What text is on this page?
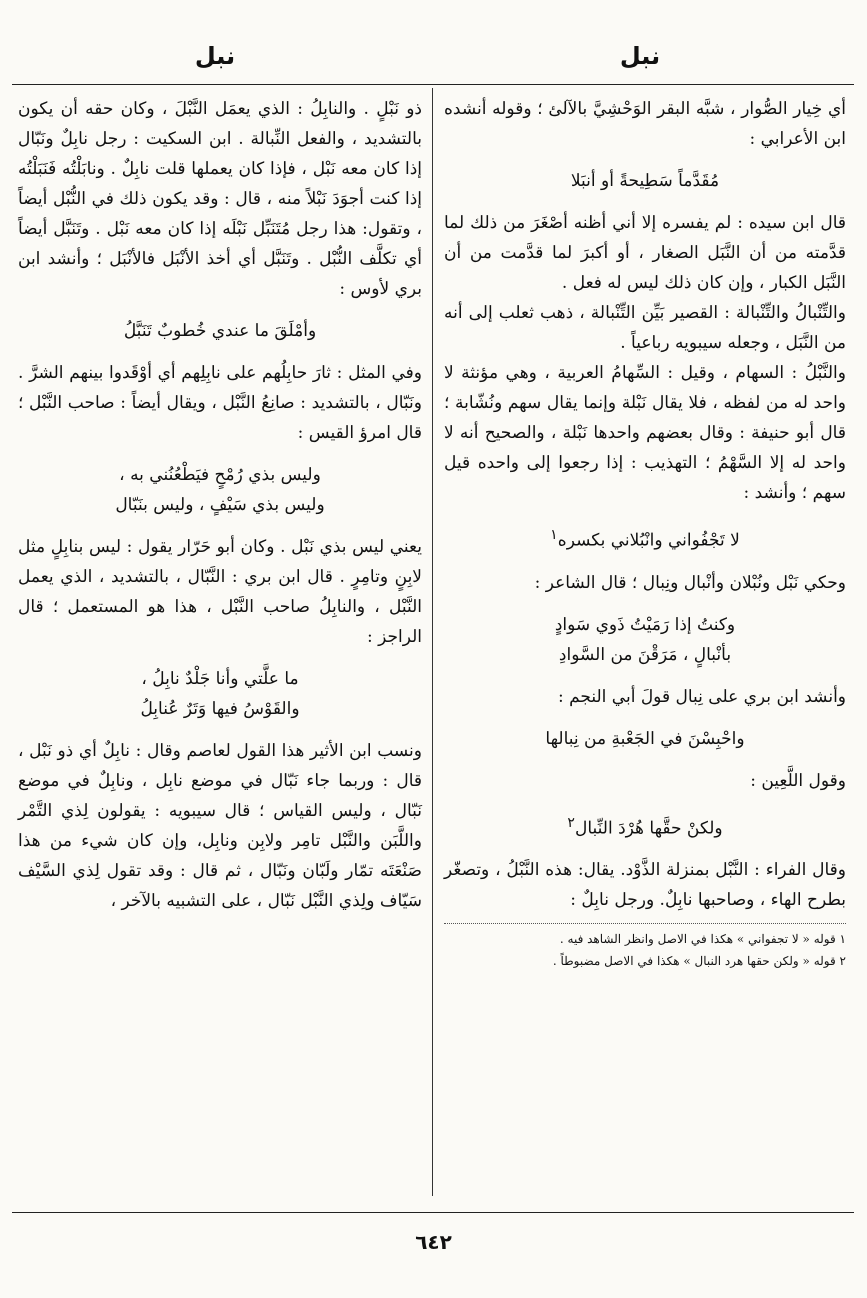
نبل
نبل

أي خِيار الصُّوار ، شبَّه البقر الوَحْشِيَّ بالآلئ ؛ وقوله أنشده ابن الأعرابي :

مُقَدَّماً سَطِيحةً أو أنبَلا

قال ابن سيده : لم يفسره إلا أني أظنه أصْغَرَ من ذلك لما قدَّمته من أن النَّبَل الصغار ، أو أكبرَ لما قدَّمت من أن النَّبَل الكبار ، وإن كان ذلك ليس له فعل .

والتِّنْبالُ والتِّنْبالة : القصير بَيِّن التِّنْبالة ، ذهب ثعلب إلى أنه من النَّبَل ، وجعله سيبويه رباعياً .

والنَّبْلُ : السهام ، وقيل : السِّهامُ العربية ، وهي مؤنثة لا واحد له من لفظه ، فلا يقال نَبْلة وإنما يقال سهم ونُشّابة ؛ قال أبو حنيفة : وقال بعضهم واحدها نَبْلة ، والصحيح أنه لا واحد له إلا السَّهْمُ ؛ التهذيب : إذا رجعوا إلى واحده قيل سهم ؛ وأنشد :

لا تَجْفُواني وانْبُلاني بكسره$^١$

وحكي نَبْل ونُبْلان وأنْبال ونِبال ؛ قال الشاعر :

وكنتُ إذا رَمَيْتُ ذَوي سَوادٍ
بأنْبالٍ ، مَرَقْنَ من السَّوادِ

وأنشد ابن بري على نِبال قولَ أبي النجم :

واحْبِسْنَ في الجَعْبةِ من نِبالها

وقول اللَّعِين :

ولكنْ حقَّها هُرْدَ النِّبال$^٢$

وقال الفراء : النَّبْل بمنزلة الذَّوْد. يقال: هذه النَّبْلُ ، وتصغّر بطرح الهاء ، وصاحبها نابِلٌ. ورجل نابِلٌ :

١ قوله « لا تجفواني » هكذا في الاصل وانظر الشاهد فيه .
٢ قوله « ولكن حقها هرد النبال » هكذا في الاصل مضبوطاً .

ذو نَبْلٍ . والنابِلُ : الذي يعمَل النَّبْلَ ، وكان حقه أن يكون بالتشديد ، والفعل النِّبالة . ابن السكيت : رجل نابِلٌ ونَبّال إذا كان معه نَبْل ، فإذا كان يعملها قلت نابِلٌ . ونابَلْتُه فَنَبَلْتُه إذا كنت أجوَدَ نَبْلاً منه ، قال : وقد يكون ذلك في النُّبْل أيضاً ، وتقول: هذا رجل مُتَنَبِّل نَبْلَه إذا كان معه نَبْل . وتَنَبَّل أيضاً أي تكلَّف النُّبْل . وتَنَبَّل أي أخذ الأنْبَل فالأنْبَل ؛ وأنشد ابن بري لأوس :

وأمْلَقَ ما عندي خُطوبٌ تَنَبَّلُ

وفي المثل : ثارَ حابِلُهم على نابِلِهم أي أوْقَدوا بينهم الشرَّ . ونَبّال ، بالتشديد : صانِعُ النَّبْل ، ويقال أيضاً : صاحب النَّبْل ؛ قال امرؤ القيس :

وليس بذي رُمْحٍ فيَطْعُنُني به ،
وليس بذي سَيْفٍ ، وليس بنَبّال

يعني ليس بذي نَبْل . وكان أبو حَرّار يقول : ليس بنابِلٍ مثل لابِنٍ وتامِرٍ . قال ابن بري : النَّبّال ، بالتشديد ، الذي يعمل النَّبْل ، والنابِلُ صاحب النَّبْل ، هذا هو المستعمل ؛ قال الراجز :

ما علَّتي وأنا جَلْدٌ نابِلُ ،
والقَوْسُ فيها وَتَرٌ عُنابِلُ

ونسب ابن الأثير هذا القول لعاصم وقال : نابِلٌ أي ذو نَبْل ، قال : وربما جاء نَبّال في موضع نابِل ، ونابِلٌ في موضع نَبّال ، وليس القياس ؛ قال سيبويه : يقولون لِذي التَّمْر واللَّبَن والنَّبْل تامِر ولابِن ونابِل، وإن كان شيء من هذا صَنْعَتَه تمّار ولَبّان ونَبّال ، ثم قال : وقد تقول لِذي السَّيْف سَيّاف ولِذي النَّبْل نَبّال ، على التشبيه بالآخر ،

٦٤٢
